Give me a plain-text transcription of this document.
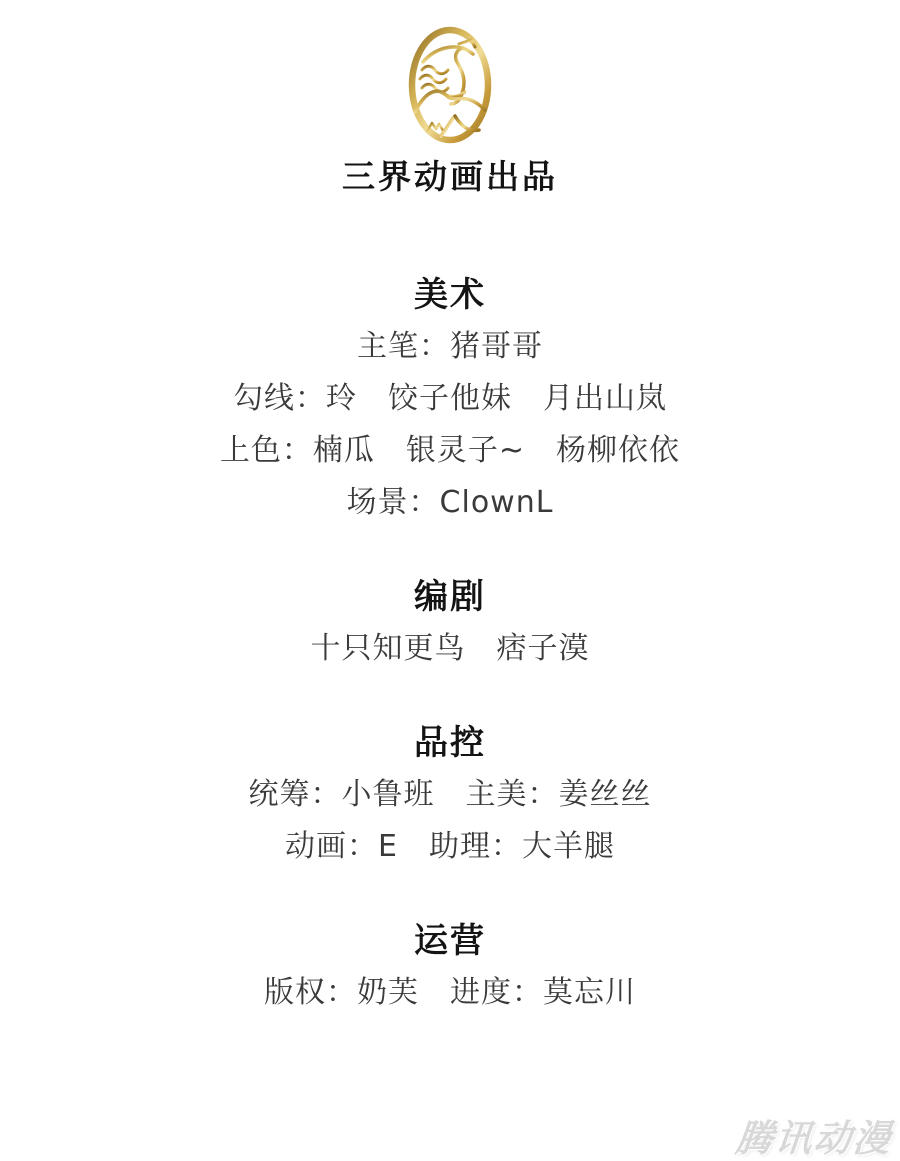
三界动画出品
美术

主笔：猪哥哥

勾线：玲　饺子他妹　月出山岚

上色：楠瓜　银灵子~　杨柳依依

场景：ClownL

编剧

十只知更鸟　痞子漠

品控

统筹：小鲁班　主美：姜丝丝

动画：E　助理：大羊腿

运营

版权：奶芙　进度：莫忘川

腾讯动漫
